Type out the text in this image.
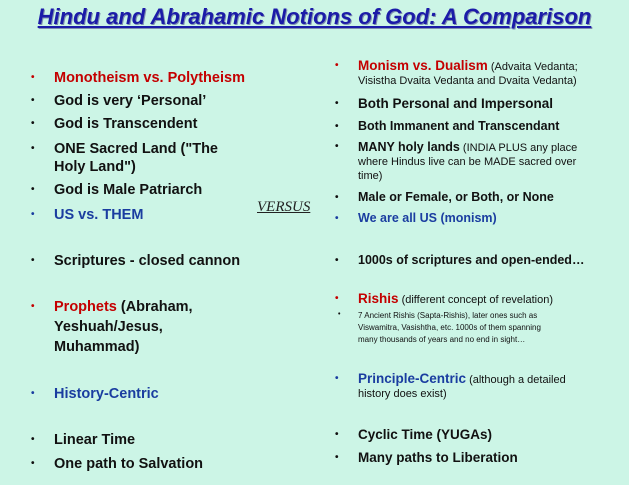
Hindu and Abrahamic Notions of God: A Comparison
•	Monotheism vs. Polytheism
•	God is very ‘Personal’
•	God is Transcendent
•	ONE Sacred Land ("The
Holy Land")
•	God is Male Patriarch
•	US vs. THEM	VERSUS
•	Scriptures - closed cannon
•	Prophets (Abraham,
Yeshuah/Jesus,
Muhammad)
•	History-Centric
•	Linear Time
•	One path to Salvation
•	Monism vs. Dualism (Advaita Vedanta;
Visistha Dvaita Vedanta and Dvaita Vedanta)
•	Both Personal and Impersonal
•	Both Immanent and Transcendant
•	MANY holy lands (INDIA PLUS any place
where Hindus live can be MADE sacred over
time)
•	Male or Female, or Both, or None
•	We are all US (monism)
•	1000s of scriptures and open-ended…
•	Rishis (different concept of revelation)
•	7 Ancient Rishis (Sapta-Rishis), later ones such as
Viswamitra, Vasishtha, etc. 1000s of them spanning
many thousands of years and no end in sight…
•	Principle-Centric (although a detailed
history does exist)
•	Cyclic Time (YUGAs)
•	Many paths to Liberation
